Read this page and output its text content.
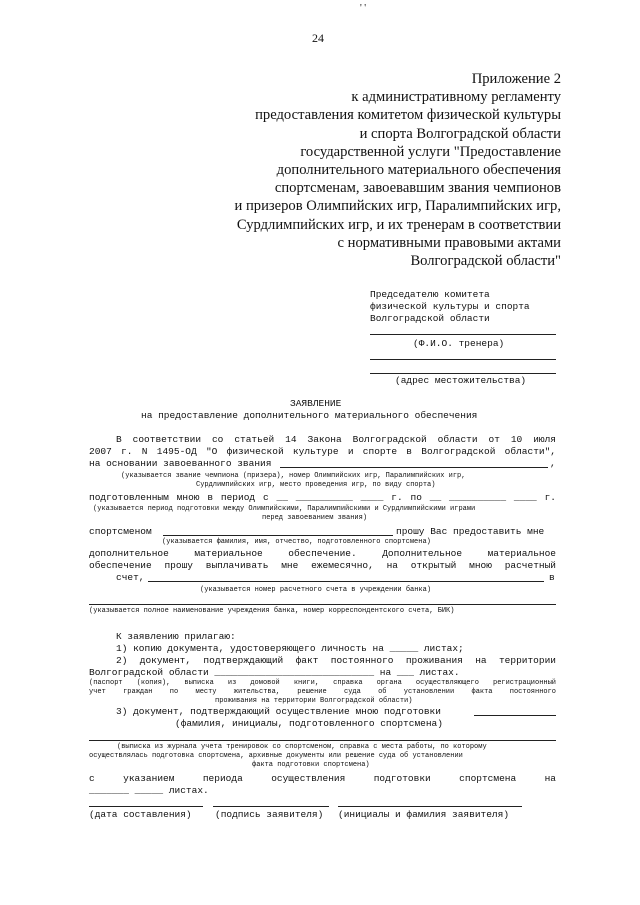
' '
24
Приложение 2
к административному регламенту
предоставления комитетом физической культуры
и спорта Волгоградской области
государственной услуги "Предоставление
дополнительного материального обеспечения
спортсменам, завоевавшим звания чемпионов
и призеров Олимпийских игр, Паралимпийских игр,
Сурдлимпийских игр, и их тренерам в соответствии
с нормативными правовыми актами
Волгоградской области"
Председателю комитета
физической культуры и спорта
Волгоградской области
(Ф.И.О. тренера)
(адрес местожительства)
ЗАЯВЛЕНИЕ
на предоставление дополнительного материального обеспечения
В соответствии со статьей 14 Закона Волгоградской области от 10 июля
2007 г. N 1495-ОД "О физической культуре и спорте в Волгоградской области",
на основании завоеванного звания	,
(указывается звание чемпиона (призера), номер Олимпийских игр, Паралимпийских игр,
Сурдлимпийских игр, место проведения игр, по виду спорта)
подготовленным мною в период с __ __________ ____ г. по __ __________ ____ г.
(указывается период подготовки между Олимпийскими, Паралимпийскими и Сурдлимпийскими играми
перед завоеванием звания)
спортсменом	прошу Вас предоставить мне
(указывается фамилия, имя, отчество, подготовленного спортсмена)
дополнительное материальное обеспечение. Дополнительное материальное
обеспечение прошу выплачивать мне ежемесячно, на открытый мною расчетный
счет,	в
(указывается номер расчетного счета в учреждении банка)
(указывается полное наименование учреждения банка, номер корреспондентского счета, БИК)
К заявлению прилагаю:
1) копию документа, удостоверяющего личность на _____ листах;
2) документ, подтверждающий факт постоянного проживания на территории
Волгоградской области ____________________________ на ___ листах.
(паспорт (копия), выписка из домовой книги, справка органа осуществляющего регистрационный
учет граждан по месту жительства, решение суда об установлении факта постоянного
проживания на территории Волгоградской области)
3) документ, подтверждающий осуществление мною подготовки
(фамилия, инициалы, подготовленного спортсмена)
(выписка из журнала учета тренировок со спортсменом, справка с места работы, по которому
осуществлялась подготовка спортсмена, архивные документы или решение суда об установлении
факта подготовки спортсмена)
с указанием периода осуществления подготовки спортсмена на
_______ _____ листах.
(дата составления) (подпись заявителя) (инициалы и фамилия заявителя)
